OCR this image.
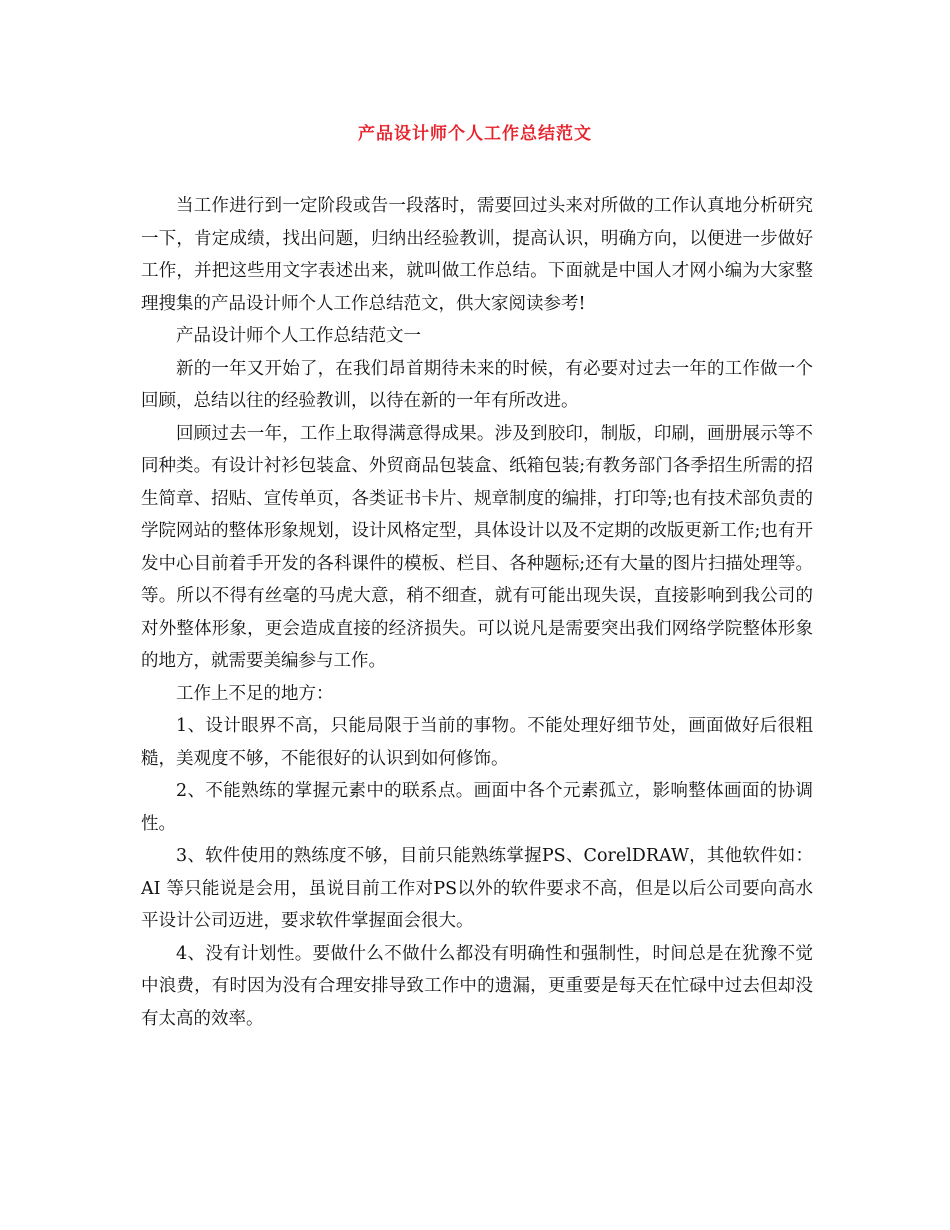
产品设计师个人工作总结范文

当工作进行到一定阶段或告一段落时，需要回过头来对所做的工作认真地分析研究一下，肯定成绩，找出问题，归纳出经验教训，提高认识，明确方向，以便进一步做好工作，并把这些用文字表述出来，就叫做工作总结。下面就是中国人才网小编为大家整理搜集的产品设计师个人工作总结范文，供大家阅读参考!

产品设计师个人工作总结范文一

新的一年又开始了，在我们昂首期待未来的时候，有必要对过去一年的工作做一个回顾，总结以往的经验教训，以待在新的一年有所改进。

回顾过去一年，工作上取得满意得成果。涉及到胶印，制版，印刷，画册展示等不同种类。有设计衬衫包装盒、外贸商品包装盒、纸箱包装;有教务部门各季招生所需的招生简章、招贴、宣传单页，各类证书卡片、规章制度的编排，打印等;也有技术部负责的学院网站的整体形象规划，设计风格定型，具体设计以及不定期的改版更新工作;也有开发中心目前着手开发的各科课件的模板、栏目、各种题标;还有大量的图片扫描处理等。等。所以不得有丝毫的马虎大意，稍不细查，就有可能出现失误，直接影响到我公司的对外整体形象，更会造成直接的经济损失。可以说凡是需要突出我们网络学院整体形象的地方，就需要美编参与工作。

工作上不足的地方：

1、设计眼界不高，只能局限于当前的事物。不能处理好细节处，画面做好后很粗糙，美观度不够，不能很好的认识到如何修饰。

2、不能熟练的掌握元素中的联系点。画面中各个元素孤立，影响整体画面的协调性。

3、软件使用的熟练度不够，目前只能熟练掌握PS、CorelDRAW，其他软件如：AI 等只能说是会用，虽说目前工作对PS以外的软件要求不高，但是以后公司要向高水平设计公司迈进，要求软件掌握面会很大。

4、没有计划性。要做什么不做什么都没有明确性和强制性，时间总是在犹豫不觉中浪费，有时因为没有合理安排导致工作中的遗漏，更重要是每天在忙碌中过去但却没有太高的效率。
